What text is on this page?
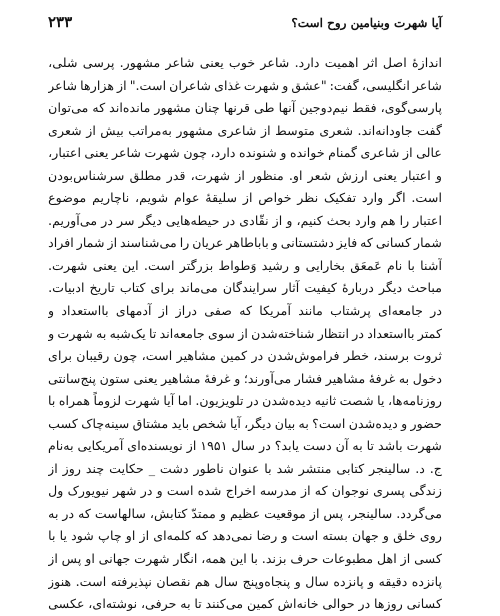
۲۳۳	آیا شهرت وبنیامین روح است؟
اندازهٔ
اصل
اثر
اهمیت
دارد.
شاعر
خوب
یعنی
شاعر
مشهور.
پرسی
شلی،
شاعر
انگلیسی،
گفت:
"عشق
و
شهرت
غذای
شاعران
است."
از
هزارها
شاعر
پارسی‌گوی،
فقط
نیم‌دوجین
آنها
طی
قرنها
چنان
مشهور
مانده‌اند
که
می‌توان
گفت
جاودانه‌اند.
شعری
متوسط
از
شاعری
مشهور
به‌مراتب
بیش
از
شعری
عالی
از
شاعری
گمنام
خوانده
و
شنونده
دارد،
چون
شهرت
شاعر
یعنی
اعتبار،
و
اعتبار
یعنی
ارزش
شعر
او.
منظور
از
شهرت،
قدر
مطلق
سرشناس‌بودن
است.
اگر
وارد
تفکیک
نظر
خواص
از
سلیقهٔ
عوام
شویم،
ناچاریم
موضوع
اعتبار
را
هم
وارد
بحث
کنیم،
و
از
نقّادی
در
حیطه‌هایی
دیگر
سر
در
می‌آوریم.
شمار
کسانی
که
فایز
دشتستانی
و
باباطاهر
عریان
را
می‌شناسند
از
شمار
افراد
آشنا
با
نام
عَمعَق
بخارایی
و
رشید
وَطواط
بزرگتر
است.
این
یعنی
شهرت.
مباحث
دیگر
دربارهٔ
کیفیت
آثار
سرایندگان
می‌ماند
برای
کتاب
تاریخ
ادبیات.
در
جامعه‌ای
پرشتاب
مانند
آمریکا
که
صفی
دراز
از
آدمهای
بااستعداد
و
کمتر
بااستعداد
در
انتظار
شناخته‌شدن
از
سوی
جامعه‌اند
تا
یک‌شبه
به
شهرت
و
ثروت
برسند،
خطر
فراموش‌شدن
در
کمین
مشاهیر
است،
چون
رقیبان
برای
دخول
به
غرفهٔ
مشاهیر
فشار
می‌آورند؛
و
غرفهٔ
مشاهیر
یعنی
ستون
پنج‌سانتی
روزنامه‌ها،
یا
شصت
ثانیه
دیده‌شدن
در
تلویزیون.
اما
آیا
شهرت
لزوماً
همراه
با
حضور
و
دیده‌شدن
است؟
به
بیان
دیگر،
آیا
شخص
باید
مشتاق
سینه‌چاک
کسب
شهرت
باشد
تا
به
آن
دست
یابد؟
در
سال
۱۹۵۱
از
نویسنده‌ای
آمریکایی
به‌نام
ج.
د.
سالینجر
کتابی
منتشر
شد
با
عنوان
ناطور
دشت
_
حکایت
چند
روز
از
زندگی
پسری
نوجوان
که
از
مدرسه
اخراج
شده
است
و
در
شهر
نیویورک
ول
می‌گردد.
سالینجر،
پس
از
موقعیت
عظیم
و
ممتدّ
کتابش،
سالهاست
که
در
به
روی
خلق
و
جهان
بسته
است
و
رضا
نمی‌دهد
که
کلمه‌ای
از
او
چاپ
شود
یا
با
کسی
از
اهل
مطبوعات
حرف
بزند.
با
این
همه،
انگار
شهرت
جهانی
او
پس
از
پانزده
دقیقه
و
پانزده
سال
و
پنجاه‌وپنج
سال
هم
نقصان
نپذیرفته
است.
هنوز
کسانی
روزها
در
حوالی
خانه‌اش
کمین
می‌کنند
تا
به
حرفی،
نوشته‌ای،
عکسی
